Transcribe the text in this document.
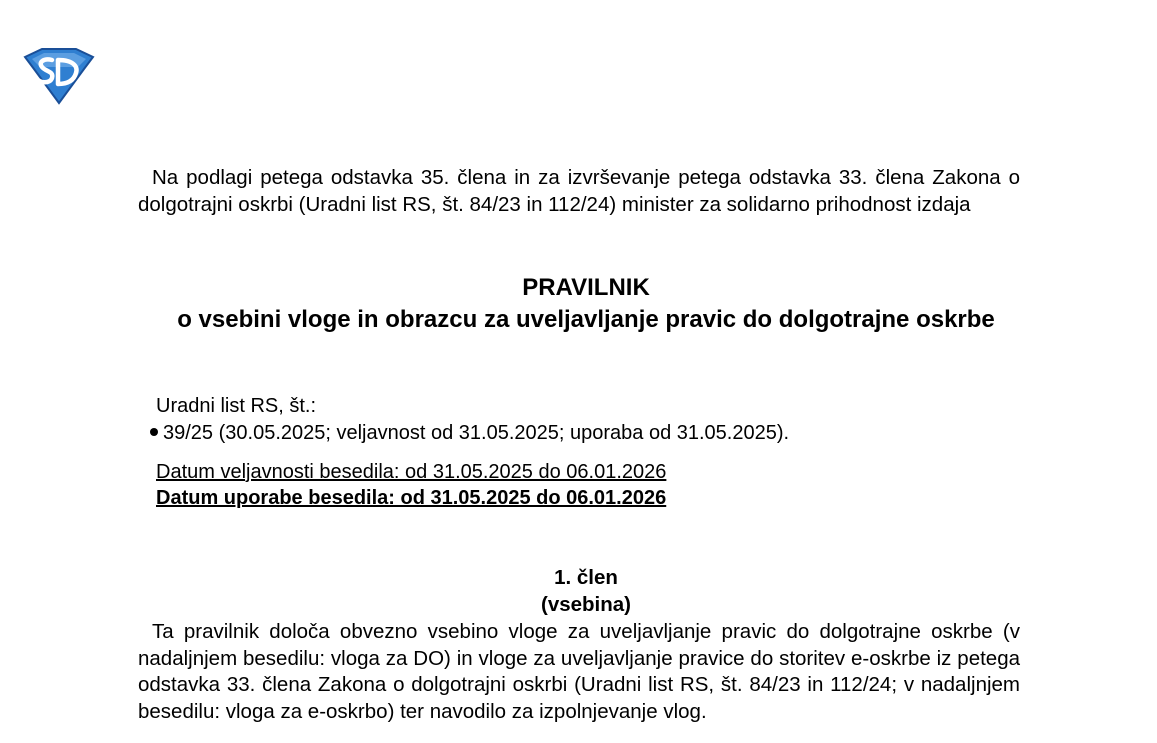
Na podlagi petega odstavka 35. člena in za izvrševanje petega odstavka 33. člena Zakona o dolgotrajni oskrbi (Uradni list RS, št. 84/23 in 112/24) minister za solidarno prihodnost izdaja
PRAVILNIK
o vsebini vloge in obrazcu za uveljavljanje pravic do dolgotrajne oskrbe
Uradni list RS, št.:
39/25 (30.05.2025; veljavnost od 31.05.2025; uporaba od 31.05.2025).
Datum veljavnosti besedila: od 31.05.2025 do 06.01.2026
Datum uporabe besedila: od 31.05.2025 do 06.01.2026
1. člen
(vsebina)
Ta pravilnik določa obvezno vsebino vloge za uveljavljanje pravic do dolgotrajne oskrbe (v nadaljnjem besedilu: vloga za DO) in vloge za uveljavljanje pravice do storitev e-oskrbe iz petega odstavka 33. člena Zakona o dolgotrajni oskrbi (Uradni list RS, št. 84/23 in 112/24; v nadaljnjem besedilu: vloga za e-oskrbo) ter navodilo za izpolnjevanje vlog.
